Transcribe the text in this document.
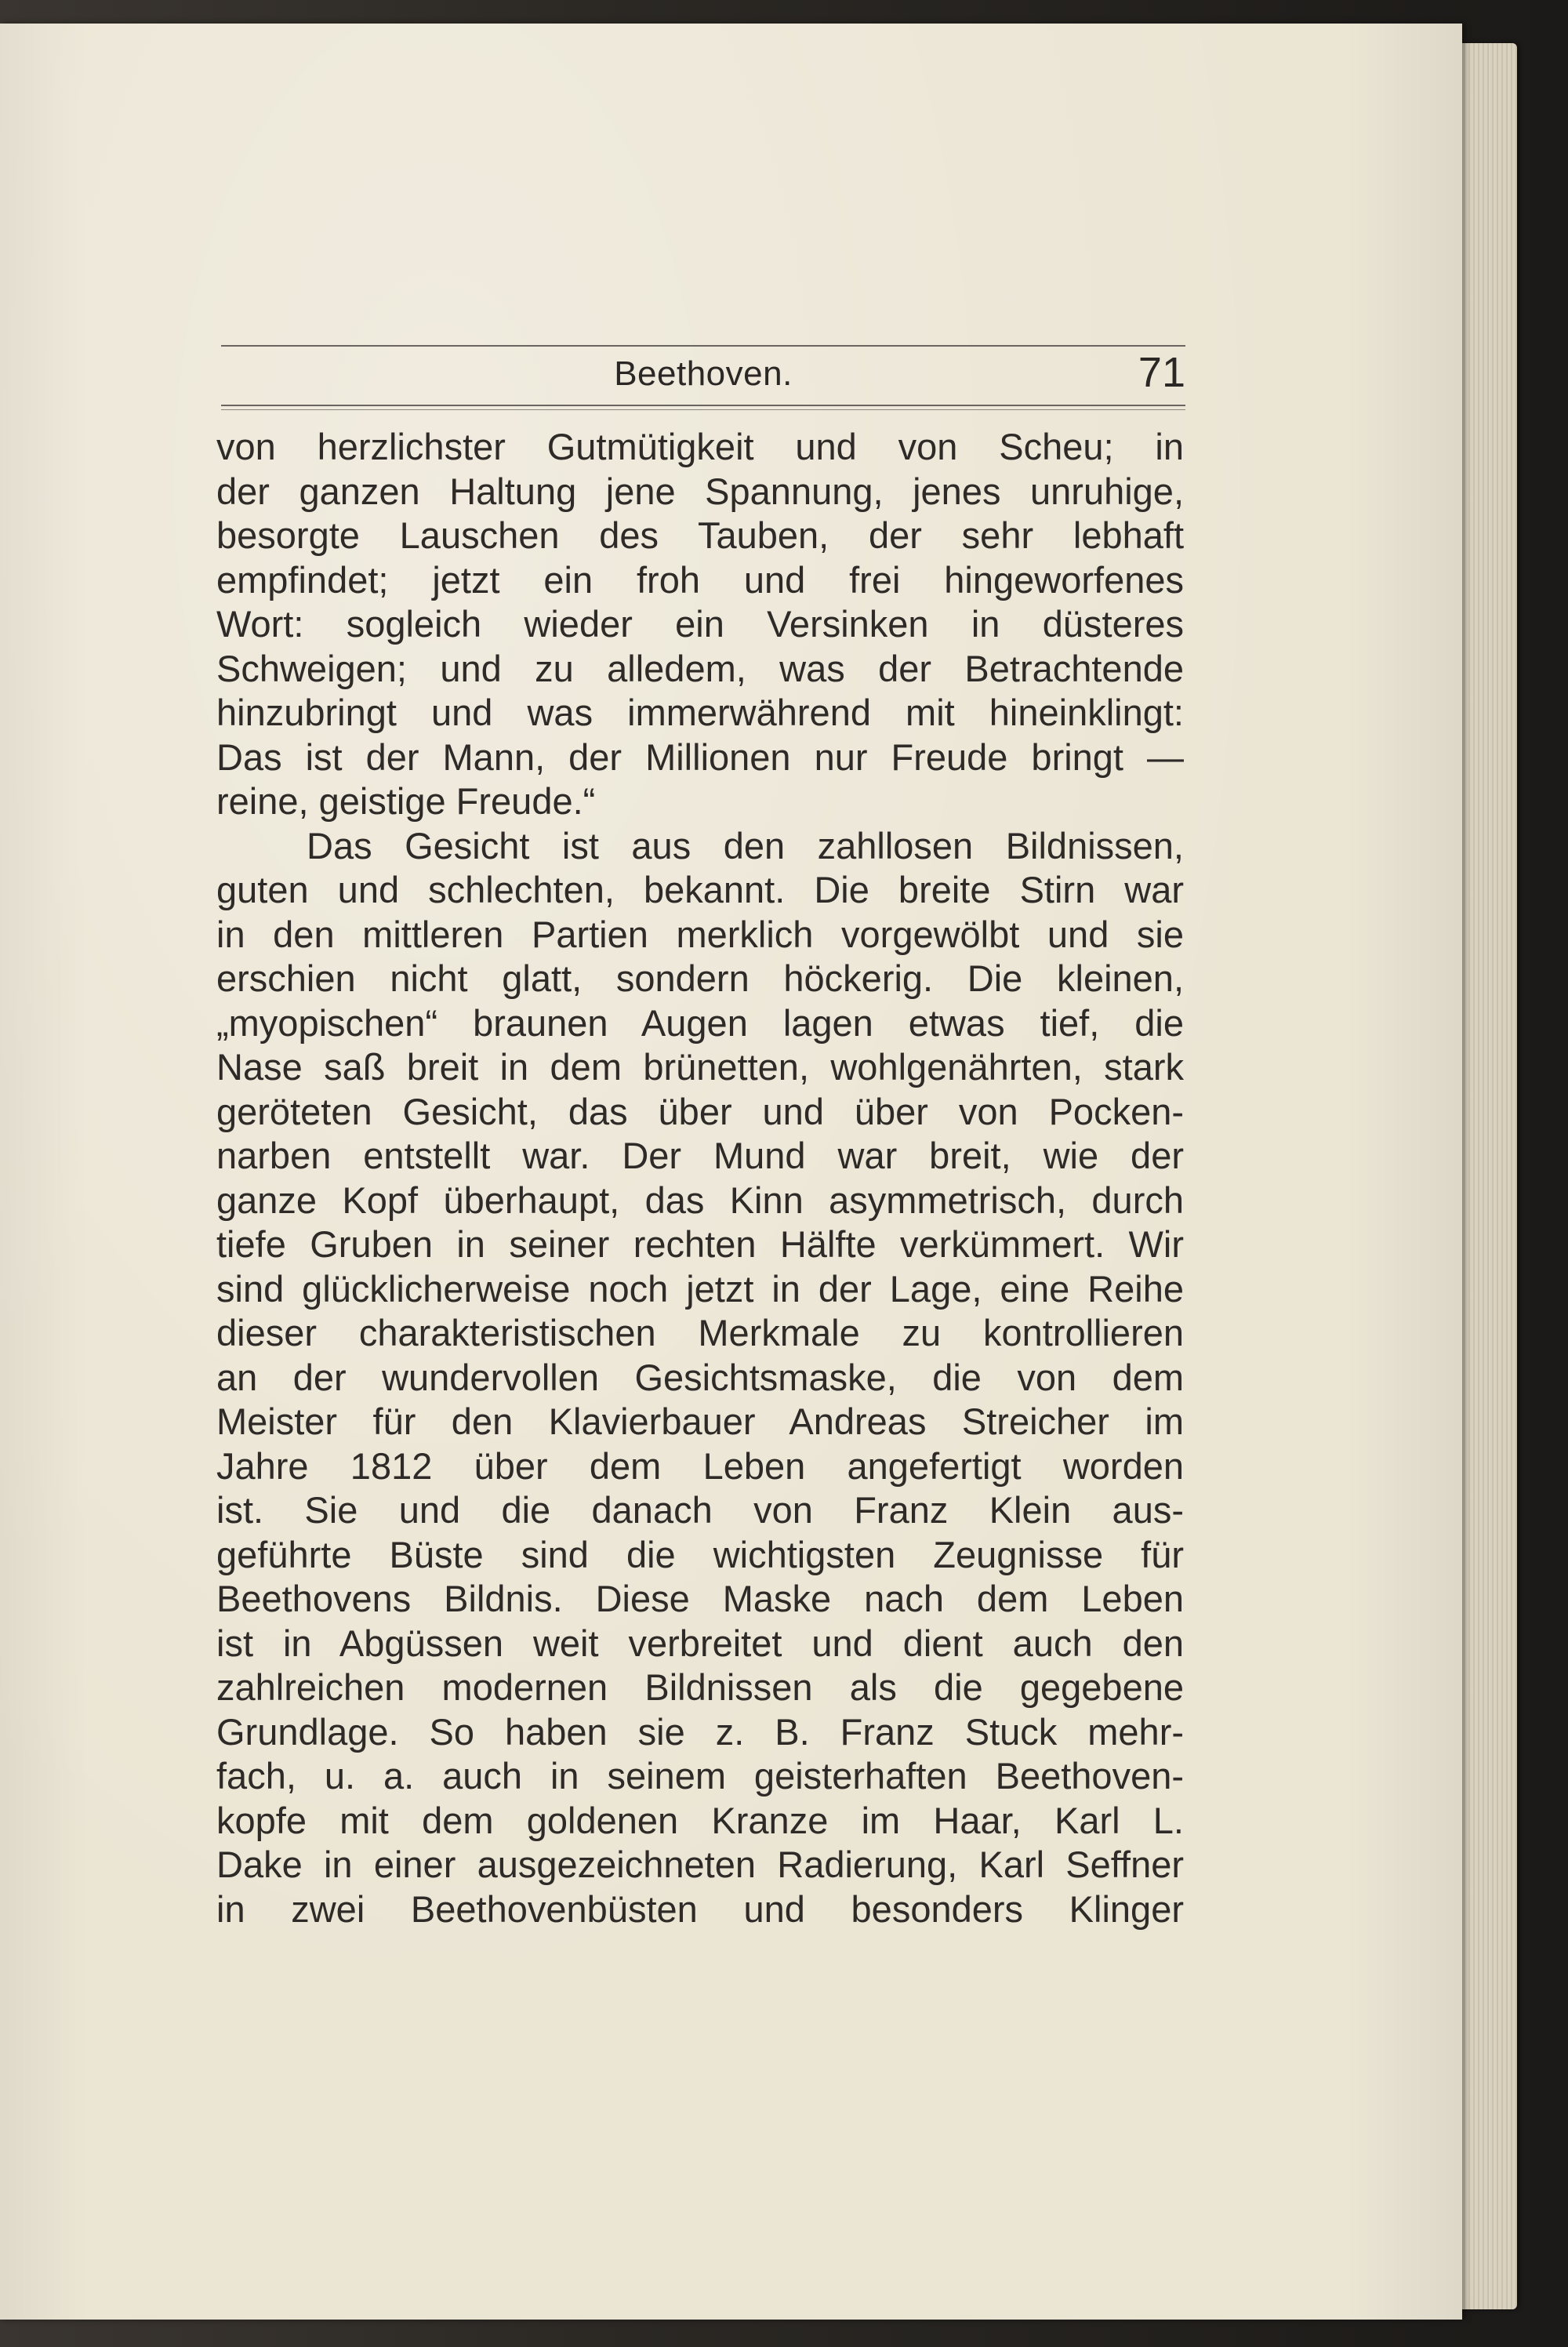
Beethoven.	71
von herzlichster Gutmütigkeit und von Scheu; in
der ganzen Haltung jene Spannung, jenes unruhige,
besorgte Lauschen des Tauben, der sehr lebhaft
empfindet; jetzt ein froh und frei hingeworfenes
Wort: sogleich wieder ein Versinken in düsteres
Schweigen; und zu alledem, was der Betrachtende
hinzubringt und was immerwährend mit hineinklingt:
Das ist der Mann, der Millionen nur Freude bringt —
reine, geistige Freude.“
Das Gesicht ist aus den zahllosen Bildnissen,
guten und schlechten, bekannt. Die breite Stirn war
in den mittleren Partien merklich vorgewölbt und sie
erschien nicht glatt, sondern höckerig. Die kleinen,
„myopischen“ braunen Augen lagen etwas tief, die
Nase saß breit in dem brünetten, wohlgenährten, stark
geröteten Gesicht, das über und über von Pocken-
narben entstellt war. Der Mund war breit, wie der
ganze Kopf überhaupt, das Kinn asymmetrisch, durch
tiefe Gruben in seiner rechten Hälfte verkümmert. Wir
sind glücklicherweise noch jetzt in der Lage, eine Reihe
dieser charakteristischen Merkmale zu kontrollieren
an der wundervollen Gesichtsmaske, die von dem
Meister für den Klavierbauer Andreas Streicher im
Jahre 1812 über dem Leben angefertigt worden
ist. Sie und die danach von Franz Klein aus-
geführte Büste sind die wichtigsten Zeugnisse für
Beethovens Bildnis. Diese Maske nach dem Leben
ist in Abgüssen weit verbreitet und dient auch den
zahlreichen modernen Bildnissen als die gegebene
Grundlage. So haben sie z. B. Franz Stuck mehr-
fach, u. a. auch in seinem geisterhaften Beethoven-
kopfe mit dem goldenen Kranze im Haar, Karl L.
Dake in einer ausgezeichneten Radierung, Karl Seffner
in zwei Beethovenbüsten und besonders Klinger
